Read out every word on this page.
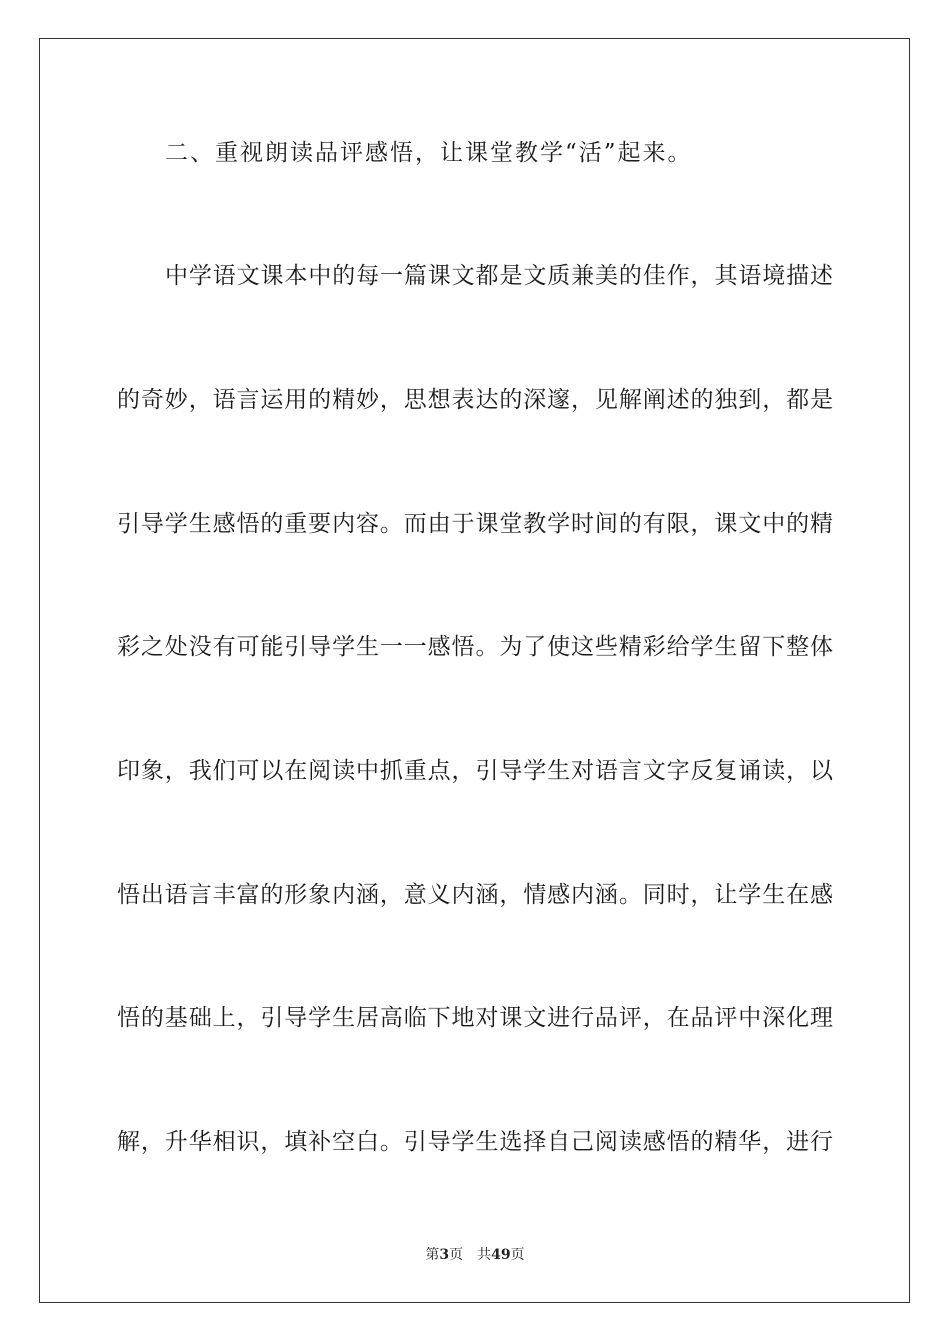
二、重视朗读品评感悟，让课堂教学“活”起来。
中学语文课本中的每一篇课文都是文质兼美的佳作，其语境描述
的奇妙，语言运用的精妙，思想表达的深邃，见解阐述的独到，都是
引导学生感悟的重要内容。而由于课堂教学时间的有限，课文中的精
彩之处没有可能引导学生一一感悟。为了使这些精彩给学生留下整体
印象，我们可以在阅读中抓重点，引导学生对语言文字反复诵读，以
悟出语言丰富的形象内涵，意义内涵，情感内涵。同时，让学生在感
悟的基础上，引导学生居高临下地对课文进行品评，在品评中深化理
解，升华相识，填补空白。引导学生选择自己阅读感悟的精华，进行
第3页 共49页
